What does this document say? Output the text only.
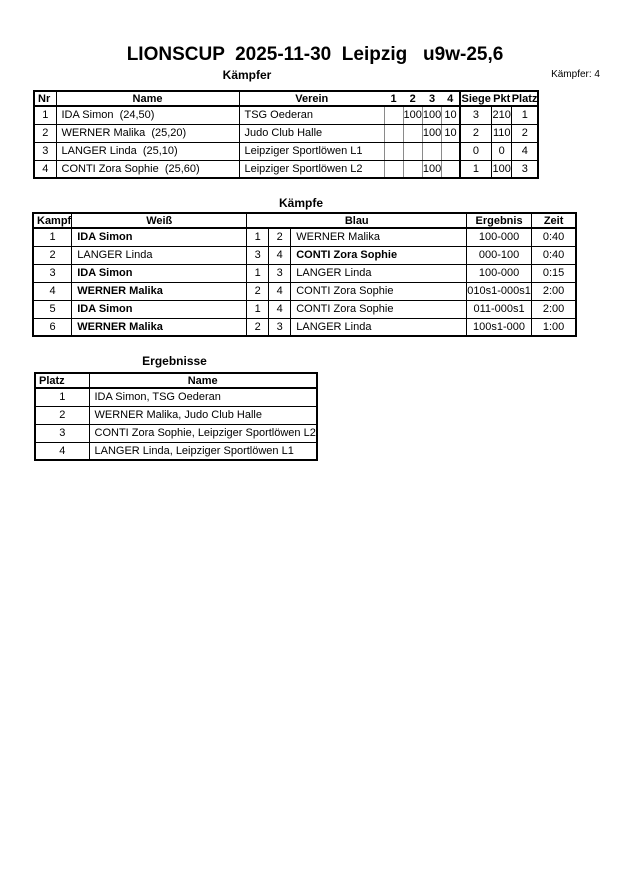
LIONSCUP  2025-11-30  Leipzig   u9w-25,6
Kämpfer	Kämpfer: 4
Nr	Name	Verein	1	2	3	4	Siege	Pkt	Platz
1	IDA Simon  (24,50)	TSG Oederan		100	100	10	3	210	1
2	WERNER Malika  (25,20)	Judo Club Halle			100	10	2	110	2
3	LANGER Linda  (25,10)	Leipziger Sportlöwen L1					0	0	4
4	CONTI Zora Sophie  (25,60)	Leipziger Sportlöwen L2			100		1	100	3
Kämpfe
Kampf	Weiß	Blau			Ergebnis	Zeit
1	IDA Simon	1	2	WERNER Malika	100-000	0:40
2	LANGER Linda	3	4	CONTI Zora Sophie	000-100	0:40
3	IDA Simon	1	3	LANGER Linda	100-000	0:15
4	WERNER Malika	2	4	CONTI Zora Sophie	010s1-000s1	2:00
5	IDA Simon	1	4	CONTI Zora Sophie	011-000s1	2:00
6	WERNER Malika	2	3	LANGER Linda	100s1-000	1:00
Ergebnisse
Platz	Name
1	IDA Simon, TSG Oederan
2	WERNER Malika, Judo Club Halle
3	CONTI Zora Sophie, Leipziger Sportlöwen L2
4	LANGER Linda, Leipziger Sportlöwen L1
